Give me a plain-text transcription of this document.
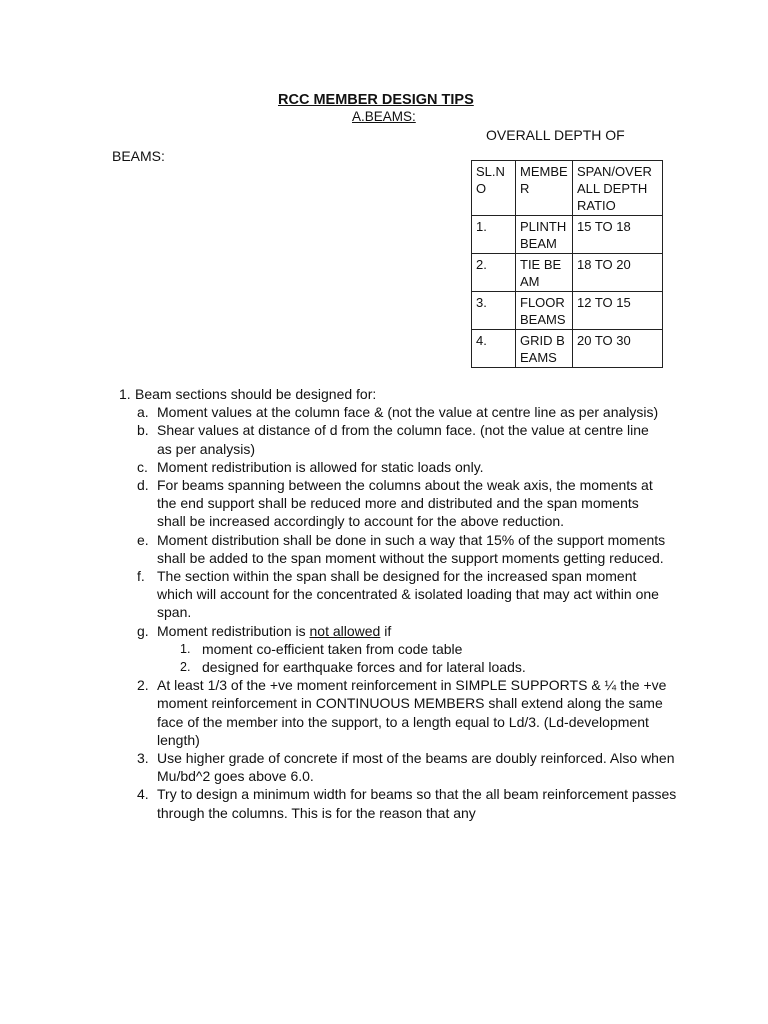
RCC MEMBER DESIGN TIPS
A.BEAMS:
OVERALL DEPTH OF
BEAMS:
SL.NO	MEMBER	SPAN/OVERALL DEPTH RATIO
1.	PLINTH BEAM	15 TO 18
2.	TIE BEAM	18 TO 20
3.	FLOOR BEAMS	12 TO 15
4.	GRID BEAMS	20 TO 30
1. Beam sections should be designed for:
a. Moment values at the column face & (not the value at centre line as per analysis)
b. Shear values at distance of d from the column face. (not the value at centre line as per analysis)
c. Moment redistribution is allowed for static loads only.
d. For beams spanning between the columns about the weak axis, the moments at the end support shall be reduced more and distributed and the span moments shall be increased accordingly to account for the above reduction.
e. Moment distribution shall be done in such a way that 15% of the support moments shall be added to the span moment without the support moments getting reduced.
f. The section within the span shall be designed for the increased span moment which will account for the concentrated & isolated loading that may act within one span.
g. Moment redistribution is not allowed if
1. moment co-efficient taken from code table
2. designed for earthquake forces and for lateral loads.
2. At least 1/3 of the +ve moment reinforcement in SIMPLE SUPPORTS & ¼ the +ve moment reinforcement in CONTINUOUS MEMBERS shall extend along the same face of the member into the support, to a length equal to Ld/3. (Ld-development length)
3. Use higher grade of concrete if most of the beams are doubly reinforced. Also when Mu/bd^2 goes above 6.0.
4. Try to design a minimum width for beams so that the all beam reinforcement passes through the columns. This is for the reason that any
